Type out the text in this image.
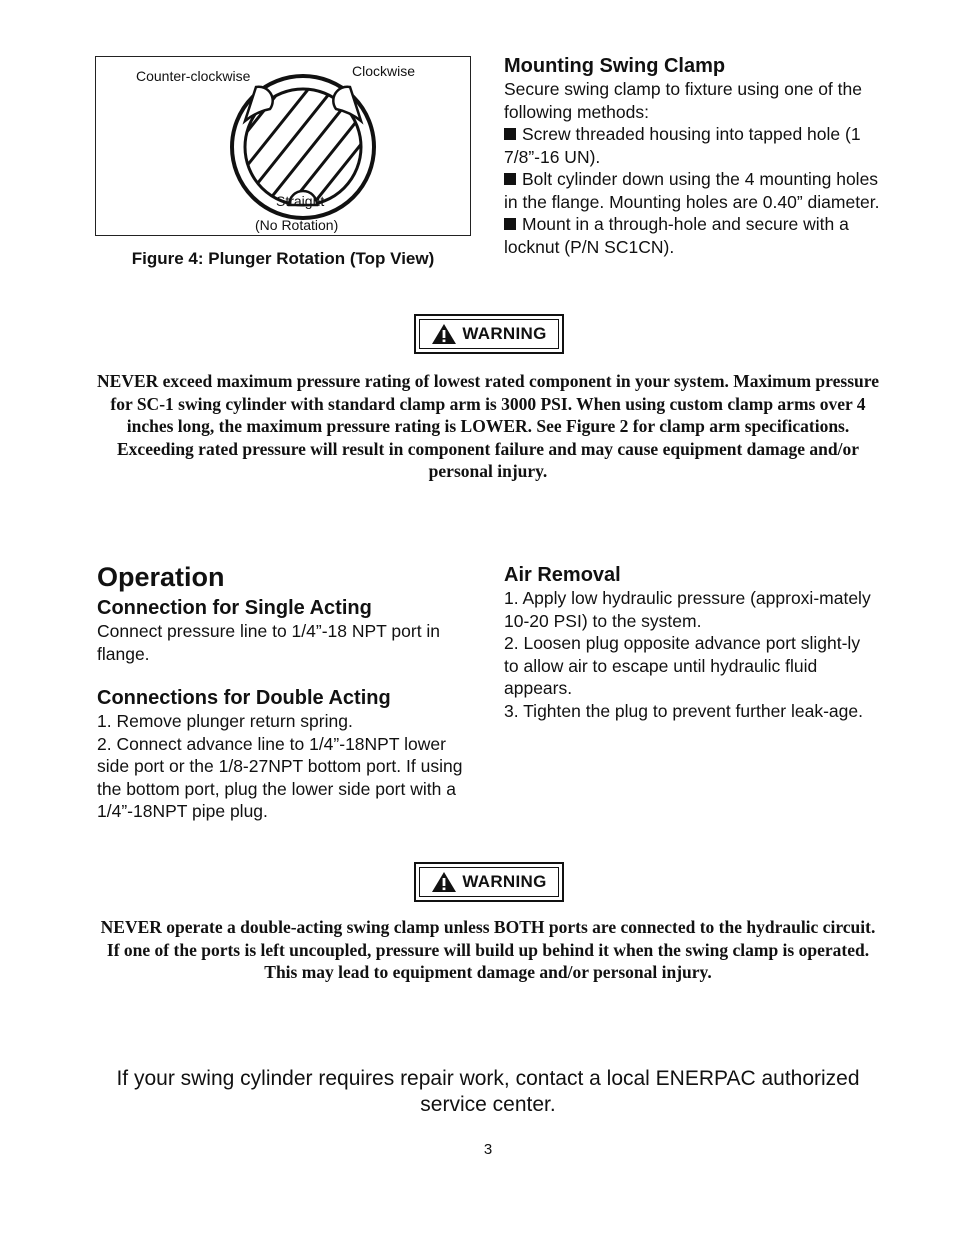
Counter-clockwise	Clockwise
Straight
(No Rotation)
Figure 4: Plunger Rotation (Top View)
Mounting Swing Clamp

Secure swing clamp to fixture using one of the following methods:

Screw threaded housing into tapped hole (1 7/8”-16 UN).

Bolt cylinder down using the 4 mounting holes in the flange. Mounting holes are 0.40” diameter.

Mount in a through-hole and secure with a locknut (P/N SC1CN).

WARNING
NEVER exceed maximum pressure rating of lowest rated component in your system. Maximum pressure for SC-1 swing cylinder with standard clamp arm is 3000 PSI. When using custom clamp arms over 4 inches long, the maximum pressure rating is LOWER. See Figure 2 for clamp arm specifications. Exceeding rated pressure will result in component failure and may cause equipment damage and/or personal injury.
Operation
Connection for Single Acting

Connect pressure line to 1/4”-18 NPT port in flange.

Connections for Double Acting

1. Remove plunger return spring.

2. Connect advance line to 1/4”-18NPT lower side port or the 1/8-27NPT bottom port. If using the bottom port, plug the lower side port with a 1/4”-18NPT pipe plug.

Air Removal

1. Apply low hydraulic pressure (approxi-mately 10-20 PSI) to the system.

2. Loosen plug opposite advance port slight-ly to allow air to escape until hydraulic fluid appears.

3. Tighten the plug to prevent further leak-age.

WARNING
NEVER operate a double-acting swing clamp unless BOTH ports are connected to the hydraulic circuit. If one of the ports is left uncoupled, pressure will build up behind it when the swing clamp is operated. This may lead to equipment damage and/or personal injury.
If your swing cylinder requires repair work, contact a local ENERPAC authorized service center.
3
